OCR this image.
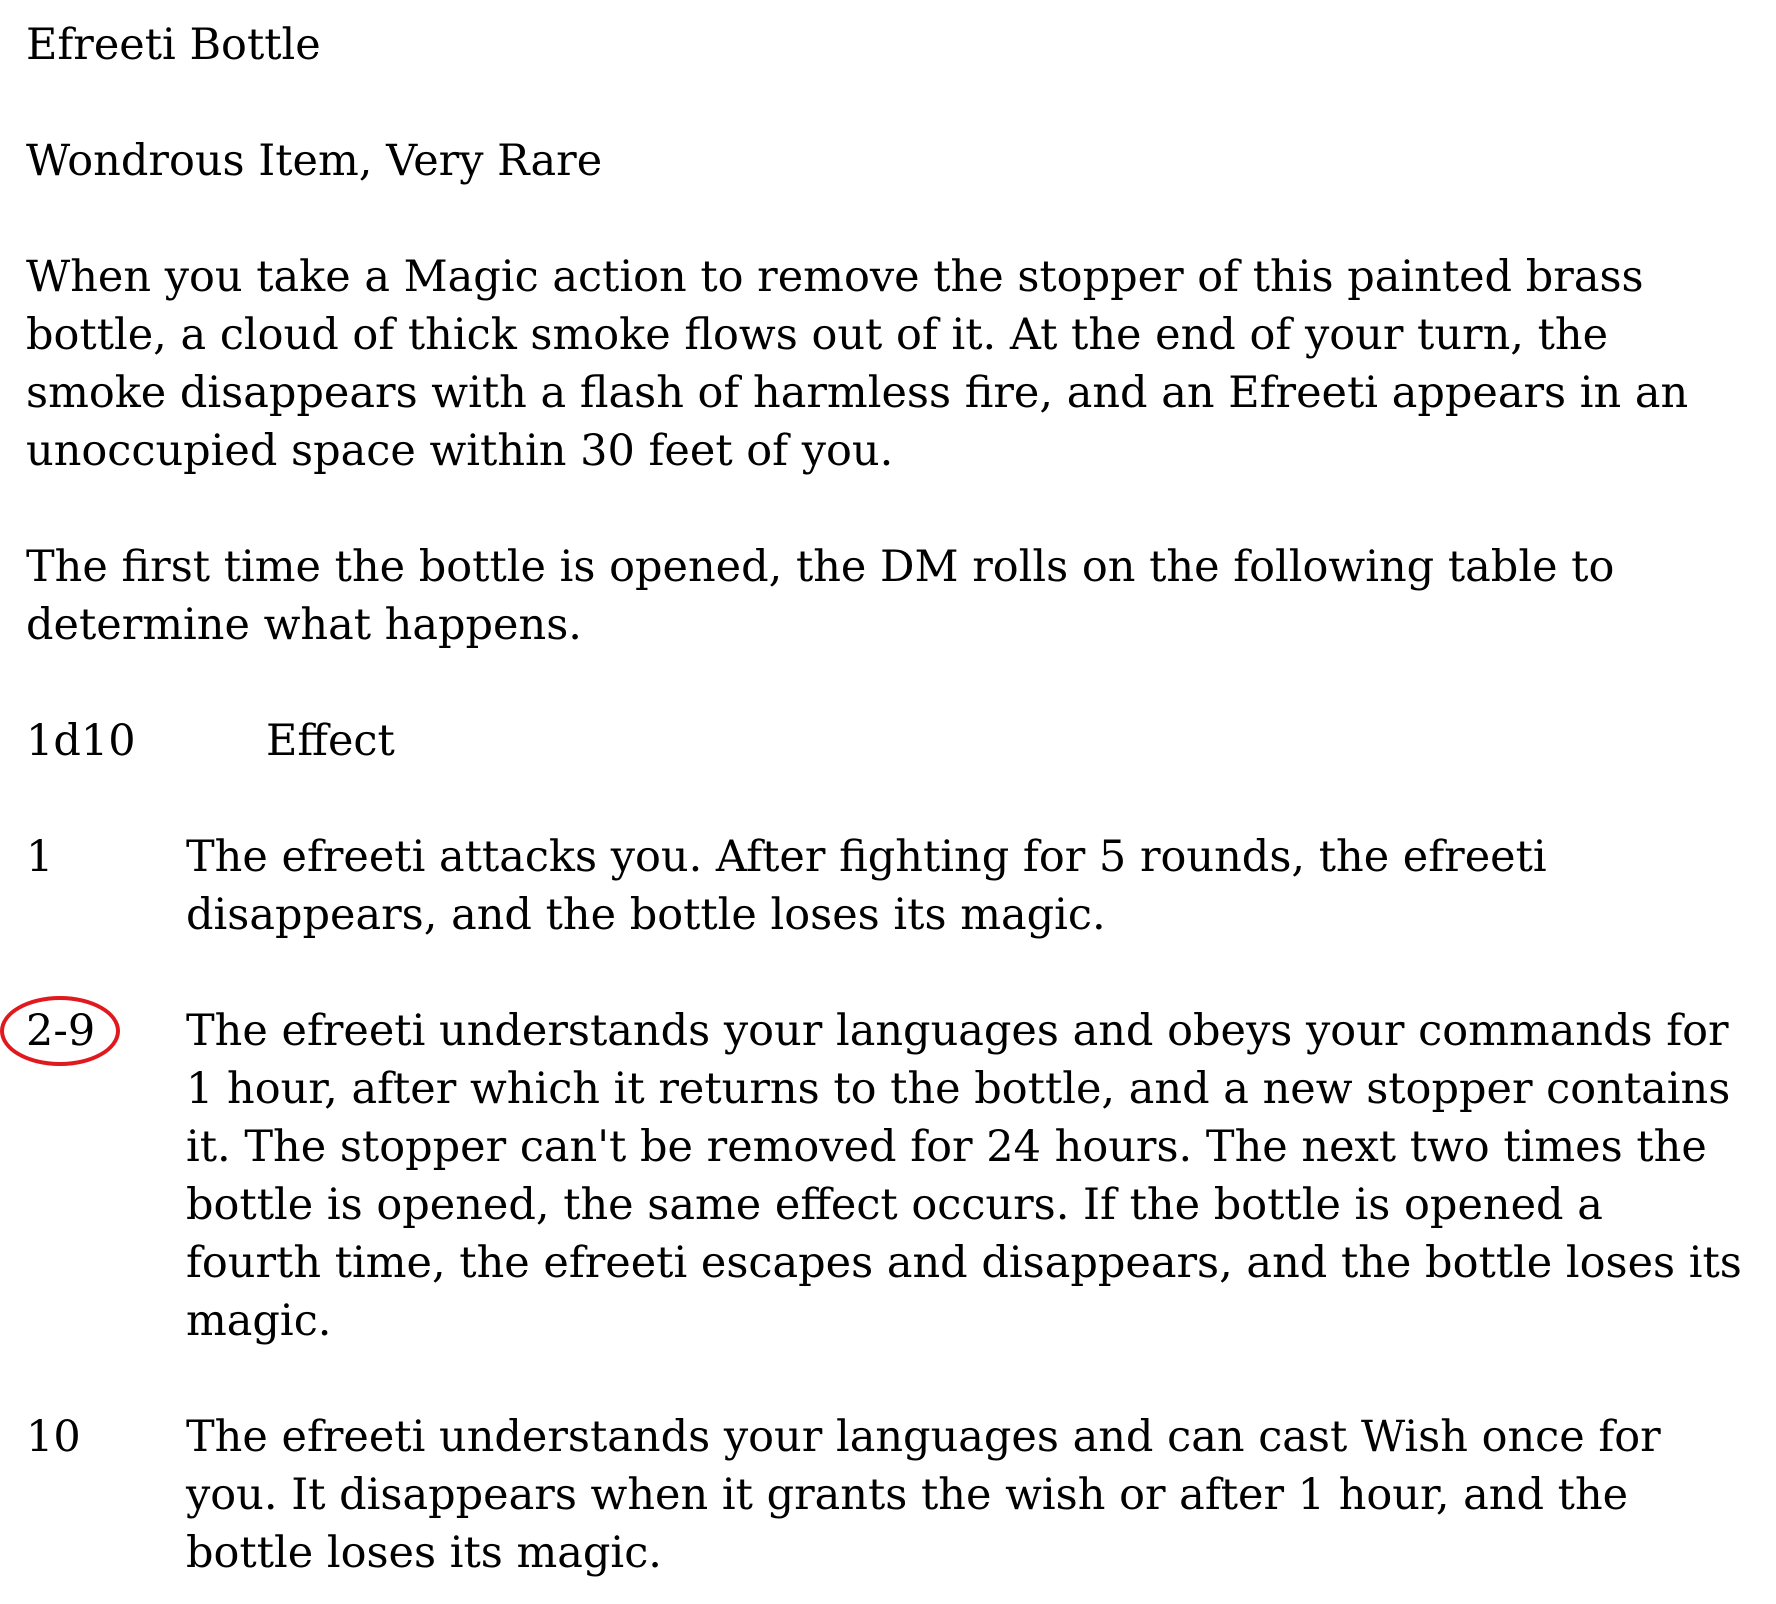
Efreeti Bottle
Wondrous Item, Very Rare

When you take a Magic action to remove the stopper of this painted brass bottle, a cloud of thick smoke flows out of it. At the end of your turn, the smoke disappears with a flash of harmless fire, and an Efreeti appears in an unoccupied space within 30 feet of you.

The first time the bottle is opened, the DM rolls on the following table to determine what happens.

1d10	Effect
1	The efreeti attacks you. After fighting for 5 rounds, the efreeti disappears, and the bottle loses its magic.
2-9	The efreeti understands your languages and obeys your commands for 1 hour, after which it returns to the bottle, and a new stopper contains it. The stopper can't be removed for 24 hours. The next two times the bottle is opened, the same effect occurs. If the bottle is opened a fourth time, the efreeti escapes and disappears, and the bottle loses its magic.
10	The efreeti understands your languages and can cast Wish once for you. It disappears when it grants the wish or after 1 hour, and the bottle loses its magic.
